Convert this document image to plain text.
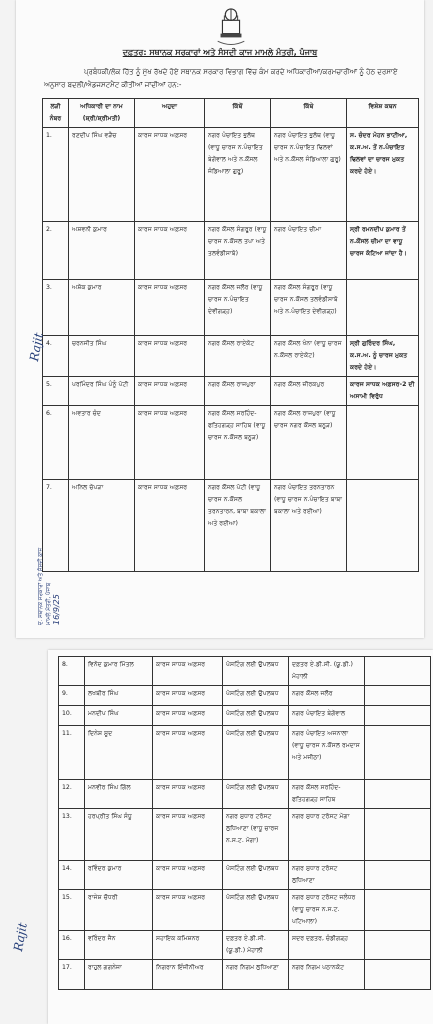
ਦਫ਼ਤਰ: ਸਥਾਨਕ ਸਰਕਾਰਾਂ ਅਤੇ ਸੰਸਦੀ ਕਾਜ ਮਾਮਲੇ ਮੰਤਰੀ, ਪੰਜਾਬ
ਪ੍ਰਬੰਧਕੀ/ਲੋਕ ਹਿੱਤ ਨੂੰ ਮੁੱਖ ਰੱਖਦੇ ਹੋਏ ਸਥਾਨਕ ਸਰਕਾਰ ਵਿਭਾਗ ਵਿੱਚ ਕੰਮ ਕਰਦੇ ਅਧਿਕਾਰੀਆਂ/ਕਰਮਚਾਰੀਆਂ ਨੂੰ ਹੇਠ ਦਰਸਾਏ ਅਨੁਸਾਰ ਬਦਲੀ/ਐਡਜਸਟਮੈਂਟ ਕੀਤੀਆਂ ਜਾਂਦੀਆਂ ਹਨ:-
ਲੜੀ ਨੰਬਰ	ਅਧਿਕਾਰੀ ਦਾ ਨਾਮ (ਸ਼੍ਰੀ/ਸ਼੍ਰੀਮਤੀ)	ਅਹੁਦਾ	ਕਿੱਥੋਂ	ਕਿੱਥੇ	ਵਿਸ਼ੇਸ਼ ਕਥਨ
1.	ਰਣਦੀਪ ਸਿੰਘ ਵੜੈਚ	ਕਾਰਜ ਸਾਧਕ ਅਫ਼ਸਰ	ਨਗਰ ਪੰਚਾਇਤ ਭੁਲੱਥ (ਵਾਧੂ ਚਾਰਜ ਨ.ਪੰਚਾਇਤ ਬੇਗੋਵਾਲ ਅਤੇ ਨ.ਕੌਂਸਲ ਜੰਡਿਆਲਾ ਗੁਰੂ)	ਨਗਰ ਪੰਚਾਇਤ ਭੁਲੱਥ (ਵਾਧੂ ਚਾਰਜ ਨ.ਪੰਚਾਇਤ ਢਿਲਵਾਂ ਅਤੇ ਨ.ਕੌਂਸਲ ਜੰਡਿਆਲਾ ਗੁਰੂ)	ਸ. ਚੰਦਰ ਮੋਹਨ ਭਾਟੀਆ, ਕ.ਸ.ਅ. ਤੋਂ ਨ.ਪੰਚਾਇਤ ਢਿਲਵਾਂ ਦਾ ਚਾਰਜ ਮੁਕਤ ਕਰਦੇ ਹੋਏ।
2.	ਅਸ਼ਵਨੀ ਕੁਮਾਰ	ਕਾਰਜ ਸਾਧਕ ਅਫ਼ਸਰ	ਨਗਰ ਕੌਂਸਲ ਸੰਗਰੂਰ (ਵਾਧੂ ਚਾਰਜ ਨ.ਕੌਂਸਲ ਤਪਾ ਅਤੇ ਤਲਵੰਡੀਸਾਬੋ)	ਨਗਰ ਪੰਚਾਇਤ ਚੀਮਾ	ਸ੍ਰੀ ਰਮਨਦੀਪ ਕੁਮਾਰ ਤੋਂ ਨ.ਕੌਂਸਲ ਚੀਮਾ ਦਾ ਵਾਧੂ ਚਾਰਜ ਕੱਟਿਆ ਜਾਂਦਾ ਹੈ।
3.	ਅਸ਼ੋਕ ਕੁਮਾਰ	ਕਾਰਜ ਸਾਧਕ ਅਫ਼ਸਰ	ਨਗਰ ਕੌਂਸਲ ਜਲੌਰ (ਵਾਧੂ ਚਾਰਜ ਨ.ਪੰਚਾਇਤ ਦੇਵੀਗੜ੍ਹ)	ਨਗਰ ਕੌਂਸਲ ਸੰਗਰੂਰ (ਵਾਧੂ ਚਾਰਜ ਨ.ਕੌਂਸਲ ਤਲਵੰਡੀਸਾਬੋ ਅਤੇ ਨ.ਪੰਚਾਇਤ ਦੇਵੀਗੜ੍ਹ)	
4.	ਚਰਨਜੀਤ ਸਿੰਘ	ਕਾਰਜ ਸਾਧਕ ਅਫ਼ਸਰ	ਨਗਰ ਕੌਂਸਲ ਰਾਏਕੋਟ	ਨਗਰ ਕੌਂਸਲ ਖੰਨਾ (ਵਾਧੂ ਚਾਰਜ ਨ.ਕੌਂਸਲ ਰਾਏਕੋਟ)	ਸ੍ਰੀ ਗੁਰਿੰਦਰ ਸਿੰਘ, ਕ.ਸ.ਅ. ਨੂੰ ਚਾਰਜ ਮੁਕਤ ਕਰਦੇ ਹੋਏ।
5.	ਪਰਮਿੰਦਰ ਸਿੰਘ ਪੰਨੂੰ ਪੱਟੀ	ਕਾਰਜ ਸਾਧਕ ਅਫ਼ਸਰ	ਨਗਰ ਕੌਂਸਲ ਰਾਜਪੁਰਾ	ਨਗਰ ਕੌਂਸਲ ਜ਼ੀਰਕਪੁਰ	ਕਾਰਜ ਸਾਧਕ ਅਫ਼ਸਰ-2 ਦੀ ਅਸਾਮੀ ਵਿਰੁੱਧ
6.	ਅਵਤਾਰ ਚੰਦ	ਕਾਰਜ ਸਾਧਕ ਅਫ਼ਸਰ	ਨਗਰ ਕੌਂਸਲ ਸਰਹਿੰਦ-ਫਤਿਹਗੜ੍ਹ ਸਾਹਿਬ (ਵਾਧੂ ਚਾਰਜ ਨ.ਕੌਂਸਲ ਬਨੂੜ)	ਨਗਰ ਕੌਂਸਲ ਰਾਜਪੁਰਾ (ਵਾਧੂ ਚਾਰਜ ਨਗਰ ਕੌਂਸਲ ਬਨੂੜ)	
7.	ਅਨਿਲ ਚੋਪੜਾ	ਕਾਰਜ ਸਾਧਕ ਅਫ਼ਸਰ	ਨਗਰ ਕੌਂਸਲ ਪੱਟੀ (ਵਾਧੂ ਚਾਰਜ ਨ.ਕੌਂਸਲ ਤਰਨਤਾਰਨ, ਬਾਬਾ ਬਕਾਲਾ ਅਤੇ ਰਈਆ)	ਨਗਰ ਪੰਚਾਇਤ ਤਰਨਤਾਰਨ (ਵਾਧੂ ਚਾਰਜ ਨ.ਪੰਚਾਇਤ ਬਾਬਾ ਬਕਾਲਾ ਅਤੇ ਰਈਆ)	
Rajit
ਦ. ਸਥਾਨਕ ਸਰਕਾਰਾਂ ਅਤੇ ਸੰਸਦੀ ਕਾਜ ਮਾਮਲੇ ਮੰਤਰੀ, ਪੰਜਾਬ 16/9/25
8.	ਵਿਨੋਦ ਕੁਮਾਰ ਮਿੱਤਲ	ਕਾਰਜ ਸਾਧਕ ਅਫ਼ਸਰ	ਪੋਸਟਿੰਗ ਲਈ ਉਪਲਬਧ	ਦਫ਼ਤਰ ਏ.ਡੀ.ਸੀ. (ਯੂ.ਡੀ.) ਮੋਹਾਲੀ	
9.	ਲਖਬੀਰ ਸਿੰਘ	ਕਾਰਜ ਸਾਧਕ ਅਫ਼ਸਰ	ਪੋਸਟਿੰਗ ਲਈ ਉਪਲਬਧ	ਨਗਰ ਕੌਂਸਲ ਜਲੌਰ	
10.	ਮਨਦੀਪ ਸਿੰਘ	ਕਾਰਜ ਸਾਧਕ ਅਫ਼ਸਰ	ਪੋਸਟਿੰਗ ਲਈ ਉਪਲਬਧ	ਨਗਰ ਪੰਚਾਇਤ ਬੇਗੋਵਾਲ	
11.	ਦਿਨੇਸ਼ ਸੂਦ	ਕਾਰਜ ਸਾਧਕ ਅਫ਼ਸਰ	ਪੋਸਟਿੰਗ ਲਈ ਉਪਲਬਧ	ਨਗਰ ਪੰਚਾਇਤ ਅਜਨਾਲਾ (ਵਾਧੂ ਚਾਰਜ ਨ.ਕੌਂਸਲ ਰਮਦਾਸ ਅਤੇ ਮਜੀਠਾ)	
12.	ਮਨਵੀਰ ਸਿੰਘ ਗਿੱਲ	ਕਾਰਜ ਸਾਧਕ ਅਫ਼ਸਰ	ਪੋਸਟਿੰਗ ਲਈ ਉਪਲਬਧ	ਨਗਰ ਕੌਂਸਲ ਸਰਹਿੰਦ-ਫਤਿਹਗੜ੍ਹ ਸਾਹਿਬ	
13.	ਹਰਪ੍ਰੀਤ ਸਿੰਘ ਸੰਧੂ	ਕਾਰਜ ਸਾਧਕ ਅਫ਼ਸਰ	ਨਗਰ ਸੁਧਾਰ ਟਰੱਸਟ ਲੁਧਿਆਣਾ (ਵਾਧੂ ਚਾਰਜ ਨ.ਸ.ਟ. ਮੋਗਾ)	ਨਗਰ ਸੁਧਾਰ ਟਰੱਸਟ ਮੋਗਾ	
14.	ਰਵਿੰਦਰ ਕੁਮਾਰ	ਕਾਰਜ ਸਾਧਕ ਅਫ਼ਸਰ	ਪੋਸਟਿੰਗ ਲਈ ਉਪਲਬਧ	ਨਗਰ ਸੁਧਾਰ ਟਰੱਸਟ ਲੁਧਿਆਣਾ	
15.	ਰਾਜੇਸ਼ ਚੌਧਰੀ	ਕਾਰਜ ਸਾਧਕ ਅਫ਼ਸਰ	ਪੋਸਟਿੰਗ ਲਈ ਉਪਲਬਧ	ਨਗਰ ਸੁਧਾਰ ਟਰੱਸਟ ਜਲੰਧਰ (ਵਾਧੂ ਚਾਰਜ ਨ.ਸ.ਟ. ਪਟਿਆਲਾ)	
16.	ਵਰਿੰਦਰ ਜੈਨ	ਸਹਾਇਕ ਕਮਿਸ਼ਨਰ	ਦਫ਼ਤਰ ਏ.ਡੀ.ਸੀ. (ਯੂ.ਡੀ.) ਮੋਹਾਲੀ	ਸਦਰ ਦਫ਼ਤਰ, ਚੰਡੀਗੜ੍ਹ	
17.	ਰਾਹੁਲ ਗਗਨੇਜਾ	ਨਿਗਰਾਨ ਇੰਜੀਨੀਅਰ	ਨਗਰ ਨਿਗਮ ਲੁਧਿਆਣਾ	ਨਗਰ ਨਿਗਮ ਪਠਾਨਕੋਟ	
Rajit
